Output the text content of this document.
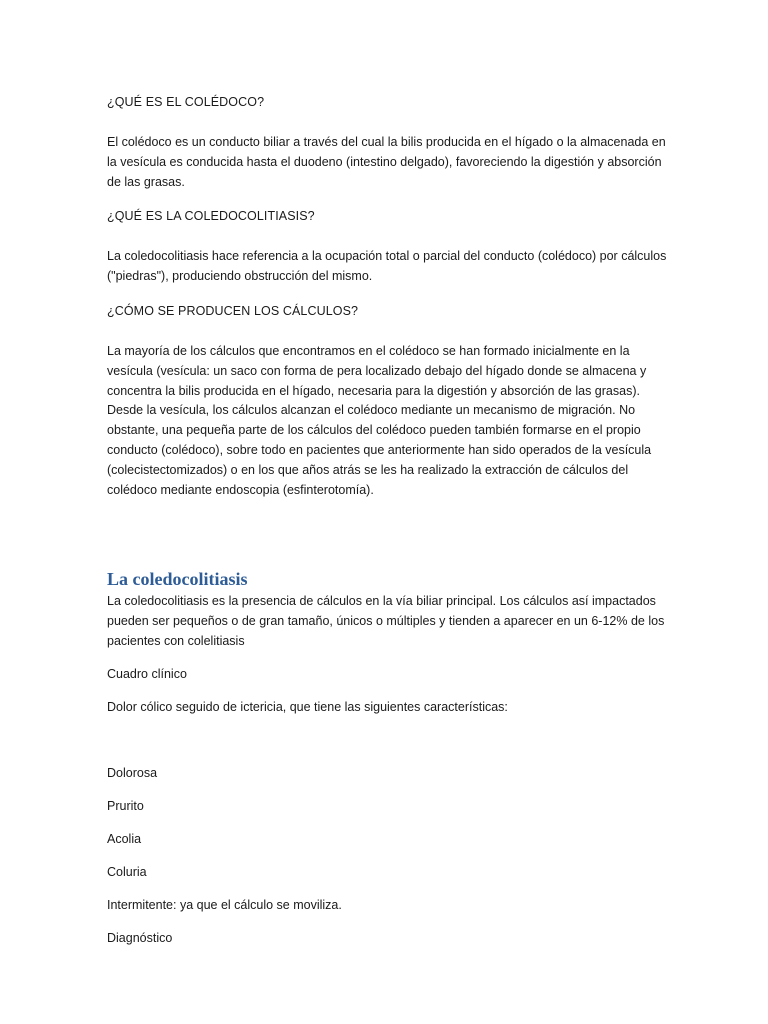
¿QUÉ ES EL COLÉDOCO?

El colédoco es un conducto biliar a través del cual la bilis producida en el hígado o la almacenada en la vesícula es conducida hasta el duodeno (intestino delgado), favoreciendo la digestión y absorción de las grasas.

¿QUÉ ES LA COLEDOCOLITIASIS?

La coledocolitiasis hace referencia a la ocupación total o parcial del conducto (colédoco) por cálculos ("piedras"), produciendo obstrucción del mismo.

¿CÓMO SE PRODUCEN LOS CÁLCULOS?

La mayoría de los cálculos que encontramos en el colédoco se han formado inicialmente en la vesícula (vesícula: un saco con forma de pera localizado debajo del hígado donde se almacena y concentra la bilis producida en el hígado, necesaria para la digestión y absorción de las grasas). Desde la vesícula, los cálculos alcanzan el colédoco mediante un mecanismo de migración. No obstante, una pequeña parte de los cálculos del colédoco pueden también formarse en el propio conducto (colédoco), sobre todo en pacientes que anteriormente han sido operados de la vesícula (colecistectomizados) o en los que años atrás se les ha realizado la extracción de cálculos del colédoco mediante endoscopia (esfinterotomía).

La coledocolitiasis

La coledocolitiasis es la presencia de cálculos en la vía biliar principal. Los cálculos así impactados pueden ser pequeños o de gran tamaño, únicos o múltiples y tienden a aparecer en un 6-12% de los pacientes con colelitiasis

Cuadro clínico

Dolor cólico seguido de ictericia, que tiene las siguientes características:

Dolorosa

Prurito

Acolia

Coluria

Intermitente: ya que el cálculo se moviliza.

Diagnóstico
